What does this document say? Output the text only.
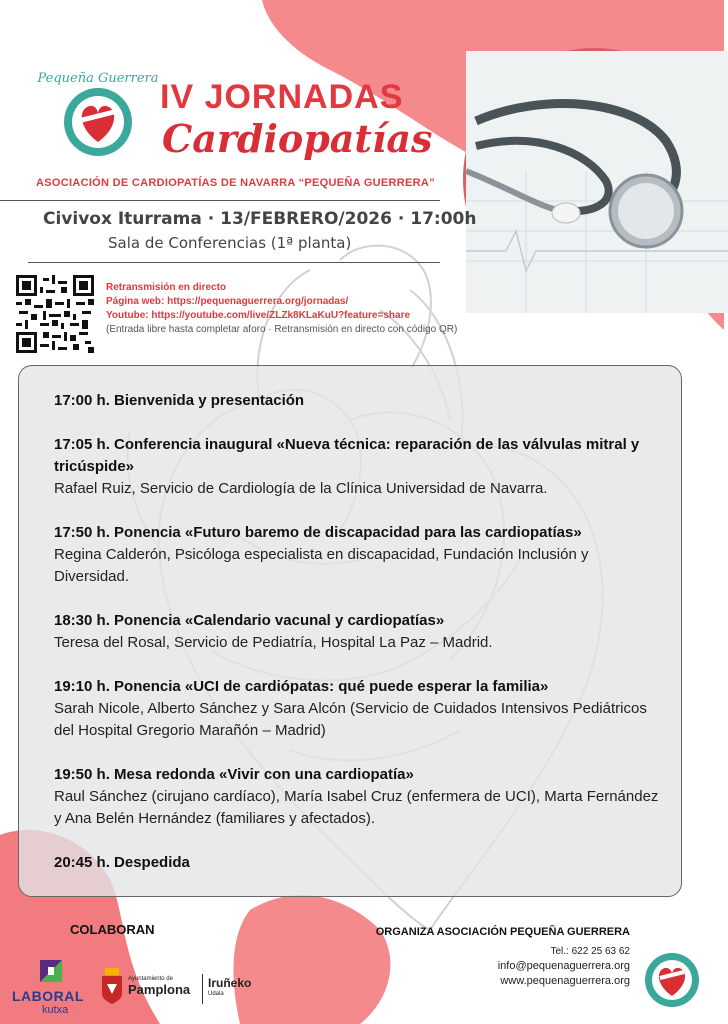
Pequeña Guerrera IV JORNADAS
Cardiopatías
ASOCIACIÓN DE CARDIOPATÍAS DE NAVARRA “PEQUEÑA GUERRERA”
Civivox Iturrama · 13/FEBRERO/2026 · 17:00h
Sala de Conferencias (1ª planta)
Retransmisión en directo
Página web: https://pequenaguerrera.org/jornadas/
Youtube: https://youtube.com/live/ZLZk8KLaKuU?feature=share
(Entrada libre hasta completar aforo · Retransmisión en directo con código QR)
17:00 h. Bienvenida y presentación
17:05 h. Conferencia inaugural «Nueva técnica: reparación de las válvulas mitral y tricúspide»
Rafael Ruiz, Servicio de Cardiología de la Clínica Universidad de Navarra.
17:50 h. Ponencia «Futuro baremo de discapacidad para las cardiopatías»
Regina Calderón, Psicóloga especialista en discapacidad, Fundación Inclusión y Diversidad.
18:30 h. Ponencia «Calendario vacunal y cardiopatías»
Teresa del Rosal, Servicio de Pediatría, Hospital La Paz – Madrid.
19:10 h. Ponencia «UCI de cardiópatas: qué puede esperar la familia»
Sarah Nicole, Alberto Sánchez y Sara Alcón (Servicio de Cuidados Intensivos Pediátricos del Hospital Gregorio Marañón – Madrid)
19:50 h. Mesa redonda «Vivir con una cardiopatía»
Raul Sánchez (cirujano cardíaco), María Isabel Cruz (enfermera de UCI), Marta Fernández y Ana Belén Hernández (familiares y afectados).
20:45 h. Despedida
COLABORAN
LABORAL
kutxa
Ayuntamiento de
Pamplona Iruñeko
Udala
ORGANIZA ASOCIACIÓN PEQUEÑA GUERRERA
Tel.: 622 25 63 62
info@pequenaguerrera.org
www.pequenaguerrera.org
